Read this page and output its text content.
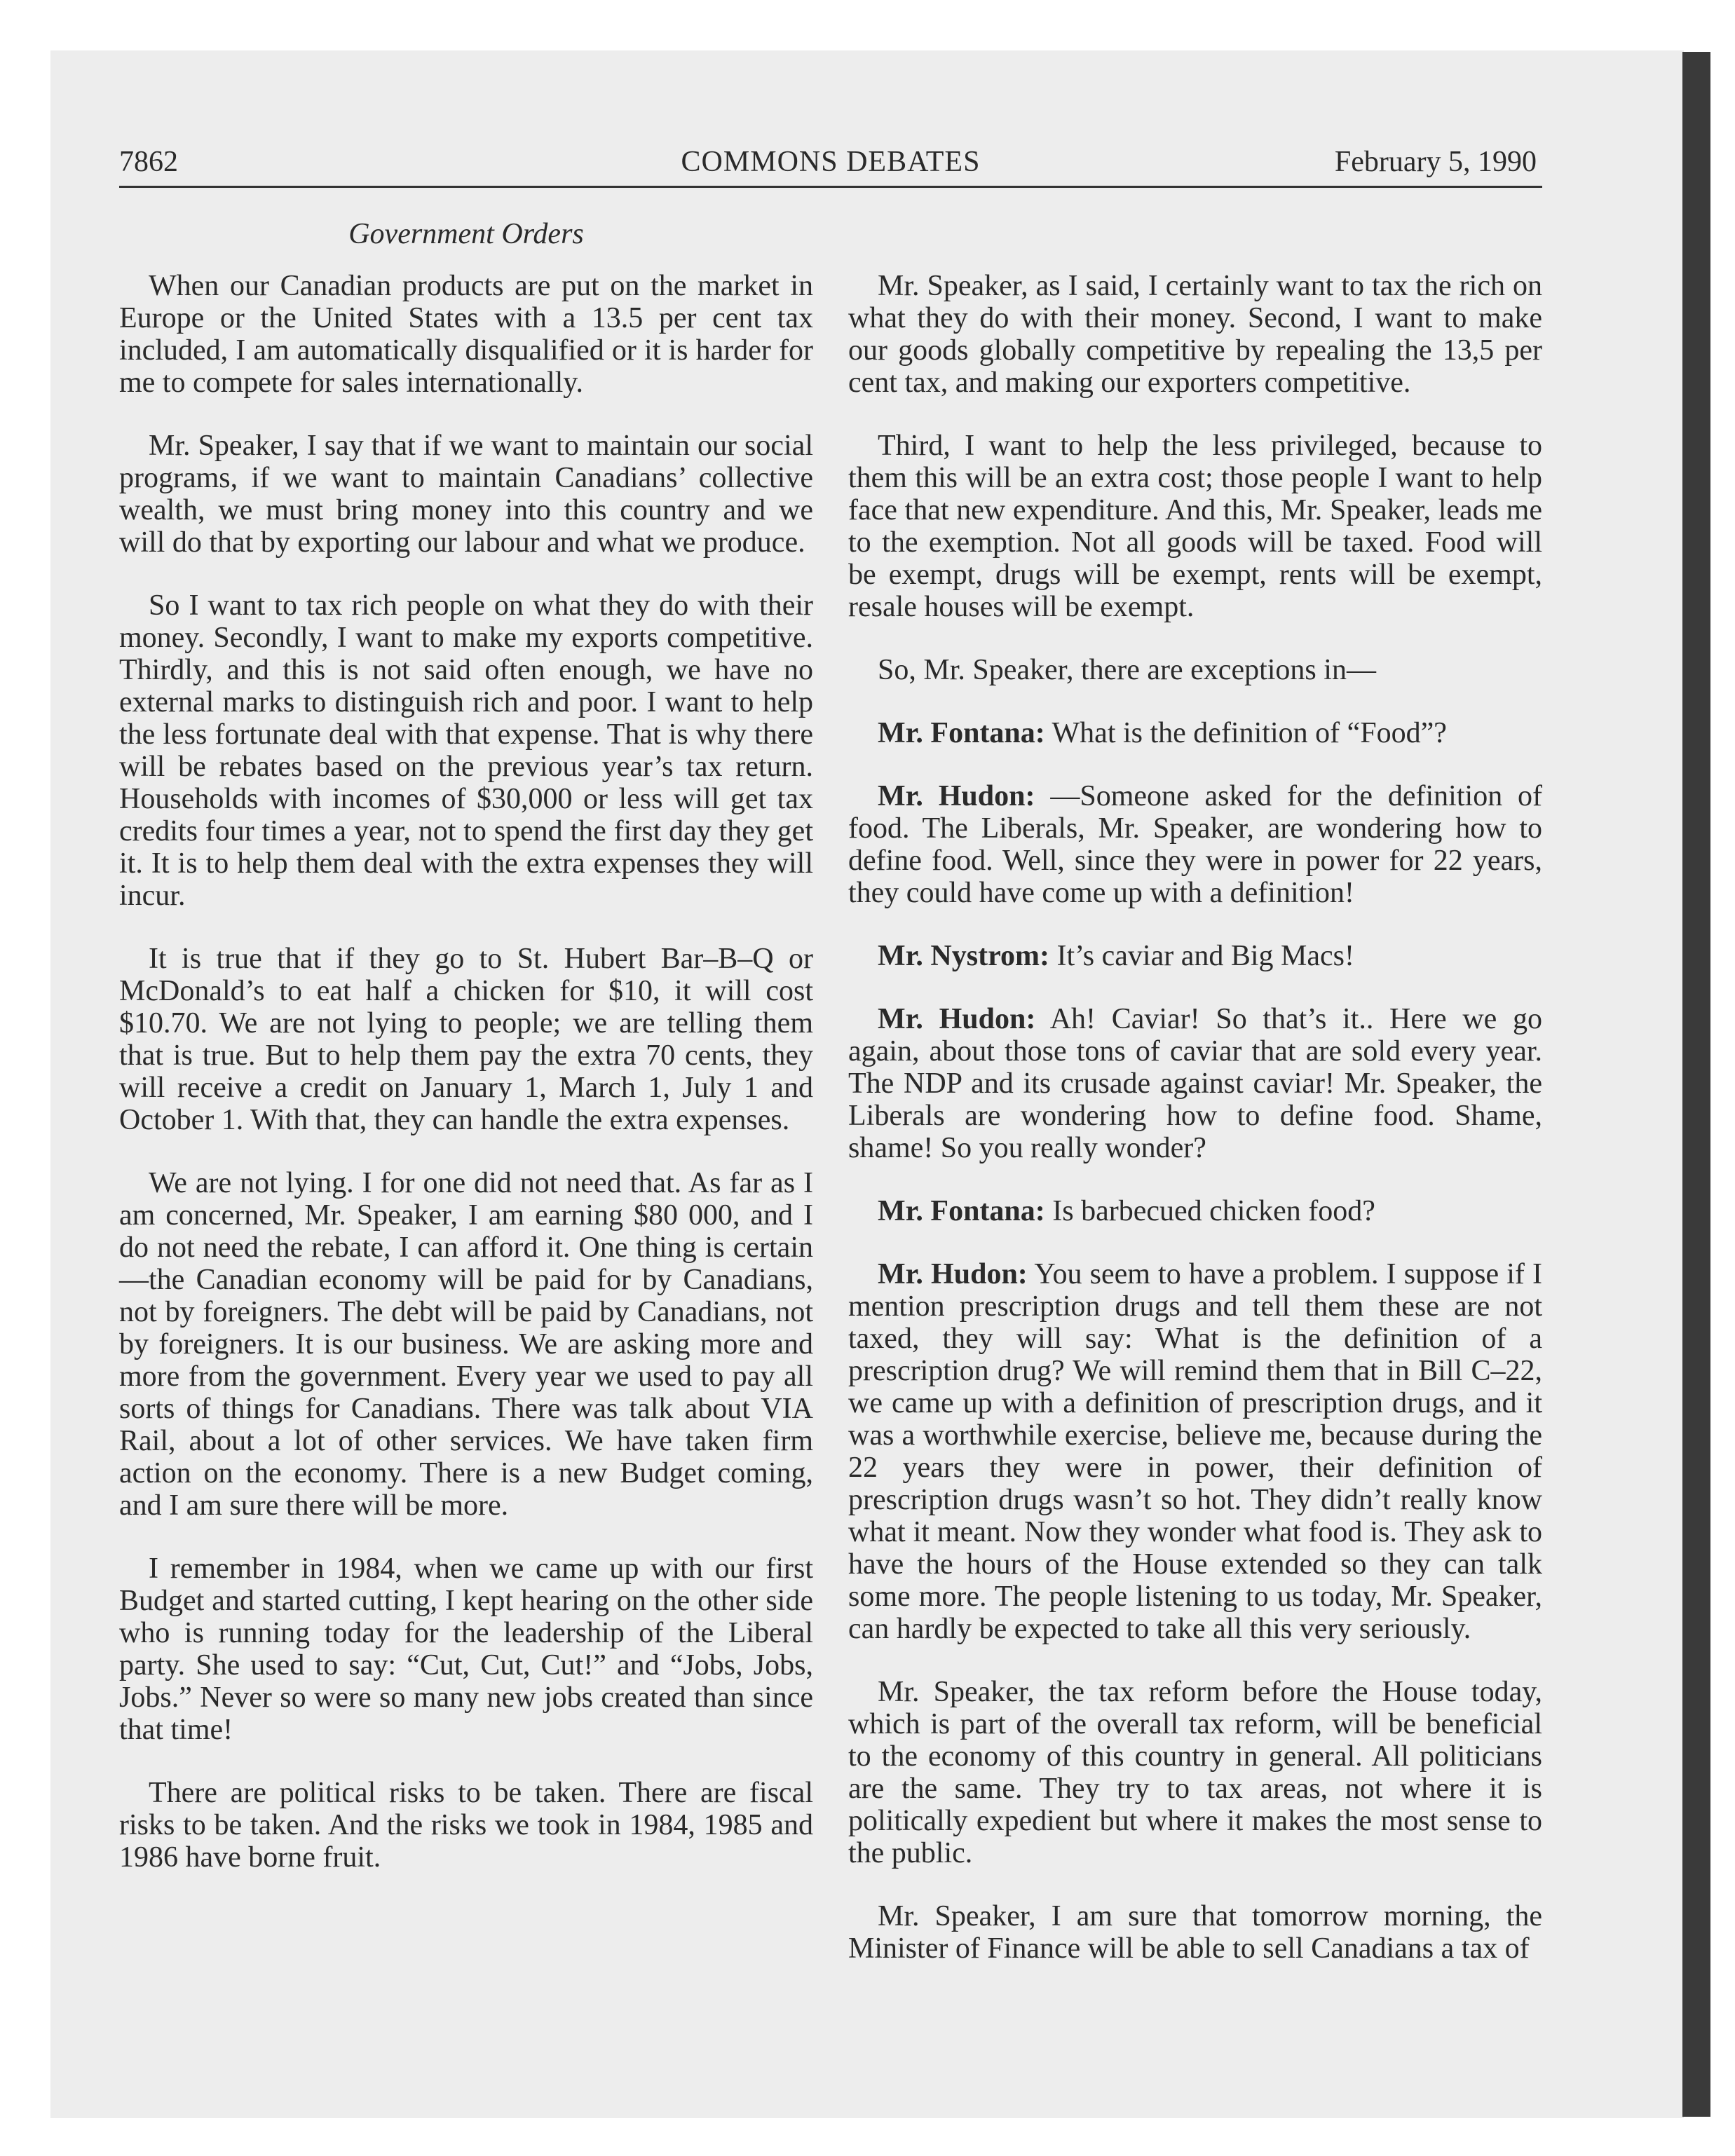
7862	COMMONS DEBATES	February 5, 1990
Government Orders

When our Canadian products are put on the market in Europe or the United States with a 13.5 per cent tax included, I am automatically disqualified or it is harder for me to compete for sales internationally.

Mr. Speaker, I say that if we want to maintain our social programs, if we want to maintain Canadians’ collective wealth, we must bring money into this country and we will do that by exporting our labour and what we produce.

So I want to tax rich people on what they do with their money. Secondly, I want to make my exports competitive. Thirdly, and this is not said often enough, we have no external marks to distinguish rich and poor. I want to help the less fortunate deal with that expense. That is why there will be rebates based on the previous year’s tax return. Households with incomes of $30,000 or less will get tax credits four times a year, not to spend the first day they get it. It is to help them deal with the extra expenses they will incur.

It is true that if they go to St. Hubert Bar–B–Q or McDonald’s to eat half a chicken for $10, it will cost $10.70. We are not lying to people; we are telling them that is true. But to help them pay the extra 70 cents, they will receive a credit on January 1, March 1, July 1 and October 1. With that, they can handle the extra expenses.

We are not lying. I for one did not need that. As far as I am concerned, Mr. Speaker, I am earning $80 000, and I do not need the rebate, I can afford it. One thing is certain—the Canadian economy will be paid for by Canadians, not by foreigners. The debt will be paid by Canadians, not by foreigners. It is our business. We are asking more and more from the government. Every year we used to pay all sorts of things for Canadians. There was talk about VIA Rail, about a lot of other services. We have taken firm action on the economy. There is a new Budget coming, and I am sure there will be more.

I remember in 1984, when we came up with our first Budget and started cutting, I kept hearing on the other side who is running today for the leadership of the Liberal party. She used to say: “Cut, Cut, Cut!” and “Jobs, Jobs, Jobs.” Never so were so many new jobs created than since that time!

There are political risks to be taken. There are fiscal risks to be taken. And the risks we took in 1984, 1985 and 1986 have borne fruit.

Mr. Speaker, as I said, I certainly want to tax the rich on what they do with their money. Second, I want to make our goods globally competitive by repealing the 13,5 per cent tax, and making our exporters competitive.

Third, I want to help the less privileged, because to them this will be an extra cost; those people I want to help face that new expenditure. And this, Mr. Speaker, leads me to the exemption. Not all goods will be taxed. Food will be exempt, drugs will be exempt, rents will be exempt, resale houses will be exempt.

So, Mr. Speaker, there are exceptions in—

Mr. Fontana: What is the definition of “Food”?

Mr. Hudon: —Someone asked for the definition of food. The Liberals, Mr. Speaker, are wondering how to define food. Well, since they were in power for 22 years, they could have come up with a definition!

Mr. Nystrom: It’s caviar and Big Macs!

Mr. Hudon: Ah! Caviar! So that’s it.. Here we go again, about those tons of caviar that are sold every year. The NDP and its crusade against caviar! Mr. Speaker, the Liberals are wondering how to define food. Shame, shame! So you really wonder?

Mr. Fontana: Is barbecued chicken food?

Mr. Hudon: You seem to have a problem. I suppose if I mention prescription drugs and tell them these are not taxed, they will say: What is the definition of a prescription drug? We will remind them that in Bill C–22, we came up with a definition of prescription drugs, and it was a worthwhile exercise, believe me, because during the 22 years they were in power, their definition of prescription drugs wasn’t so hot. They didn’t really know what it meant. Now they wonder what food is. They ask to have the hours of the House extended so they can talk some more. The people listening to us today, Mr. Speaker, can hardly be expected to take all this very seriously.

Mr. Speaker, the tax reform before the House today, which is part of the overall tax reform, will be beneficial to the economy of this country in general. All politicians are the same. They try to tax areas, not where it is politically expedient but where it makes the most sense to the public.

Mr. Speaker, I am sure that tomorrow morning, the Minister of Finance will be able to sell Canadians a tax of
